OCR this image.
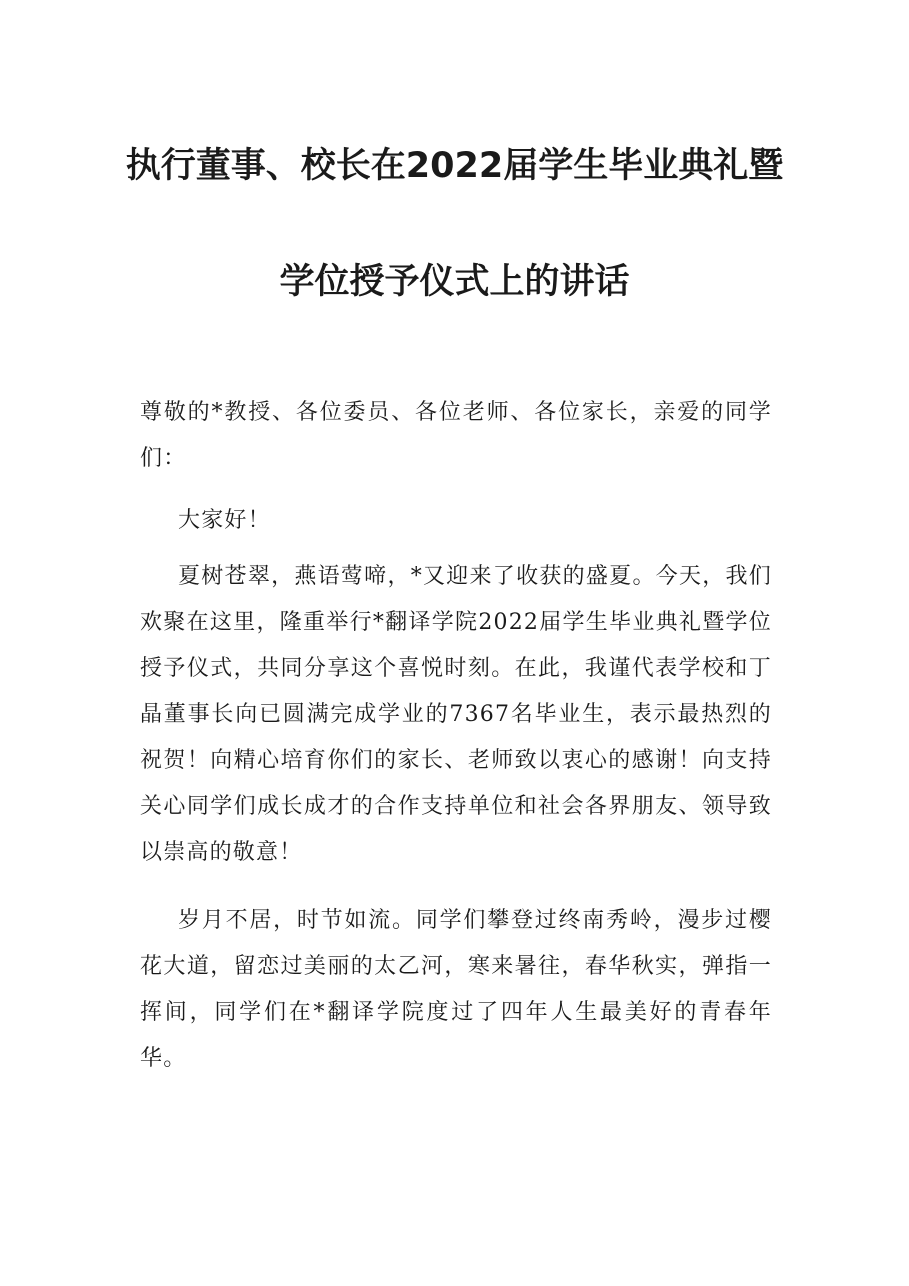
执行董事、校长在2022届学生毕业典礼暨
学位授予仪式上的讲话
尊敬的*教授、各位委员、各位老师、各位家长，亲爱的同学们：
大家好！
夏树苍翠，燕语莺啼，*又迎来了收获的盛夏。今天，我们欢聚在这里，隆重举行*翻译学院2022届学生毕业典礼暨学位授予仪式，共同分享这个喜悦时刻。在此，我谨代表学校和丁晶董事长向已圆满完成学业的7367名毕业生，表示最热烈的祝贺！向精心培育你们的家长、老师致以衷心的感谢！向支持关心同学们成长成才的合作支持单位和社会各界朋友、领导致以崇高的敬意！
岁月不居，时节如流。同学们攀登过终南秀岭，漫步过樱花大道，留恋过美丽的太乙河，寒来暑往，春华秋实，弹指一挥间，同学们在*翻译学院度过了四年人生最美好的青春年华。
